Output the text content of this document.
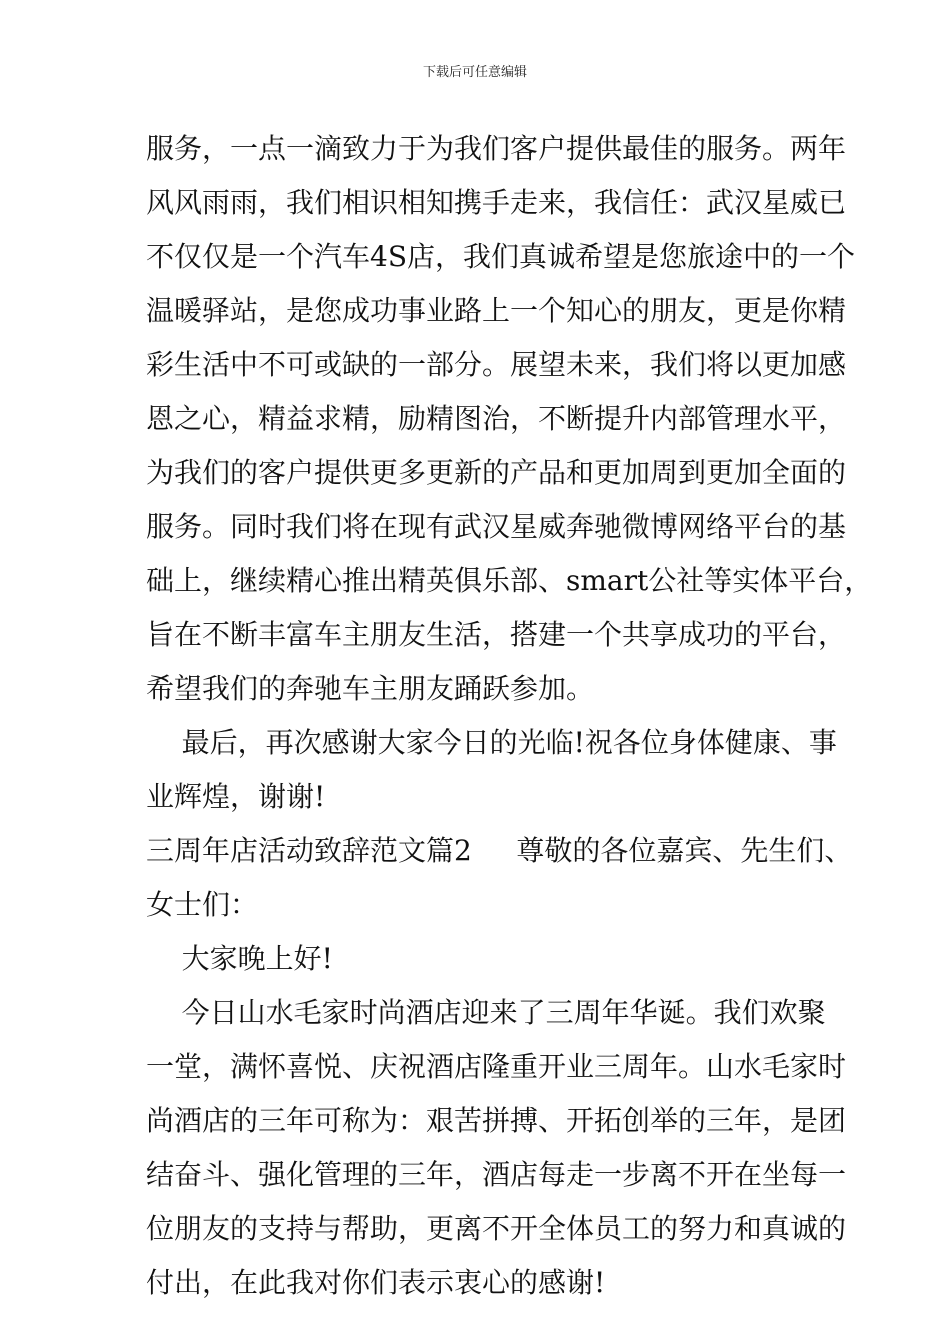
下载后可任意编辑
服务，一点一滴致力于为我们客户提供最佳的服务。两年
风风雨雨，我们相识相知携手走来，我信任：武汉星威已
不仅仅是一个汽车4S店，我们真诚希望是您旅途中的一个
温暖驿站，是您成功事业路上一个知心的朋友，更是你精
彩生活中不可或缺的一部分。展望未来，我们将以更加感
恩之心，精益求精，励精图治，不断提升内部管理水平，
为我们的客户提供更多更新的产品和更加周到更加全面的
服务。同时我们将在现有武汉星威奔驰微博网络平台的基
础上，继续精心推出精英俱乐部、smart公社等实体平台，
旨在不断丰富车主朋友生活，搭建一个共享成功的平台，
希望我们的奔驰车主朋友踊跃参加。
最后，再次感谢大家今日的光临!祝各位身体健康、事
业辉煌，谢谢!
三周年店活动致辞范文篇2     尊敬的各位嘉宾、先生们、
女士们：
大家晚上好!
今日山水毛家时尚酒店迎来了三周年华诞。我们欢聚
一堂，满怀喜悦、庆祝酒店隆重开业三周年。山水毛家时
尚酒店的三年可称为：艰苦拼搏、开拓创举的三年，是团
结奋斗、强化管理的三年，酒店每走一步离不开在坐每一
位朋友的支持与帮助，更离不开全体员工的努力和真诚的
付出，在此我对你们表示衷心的感谢!
